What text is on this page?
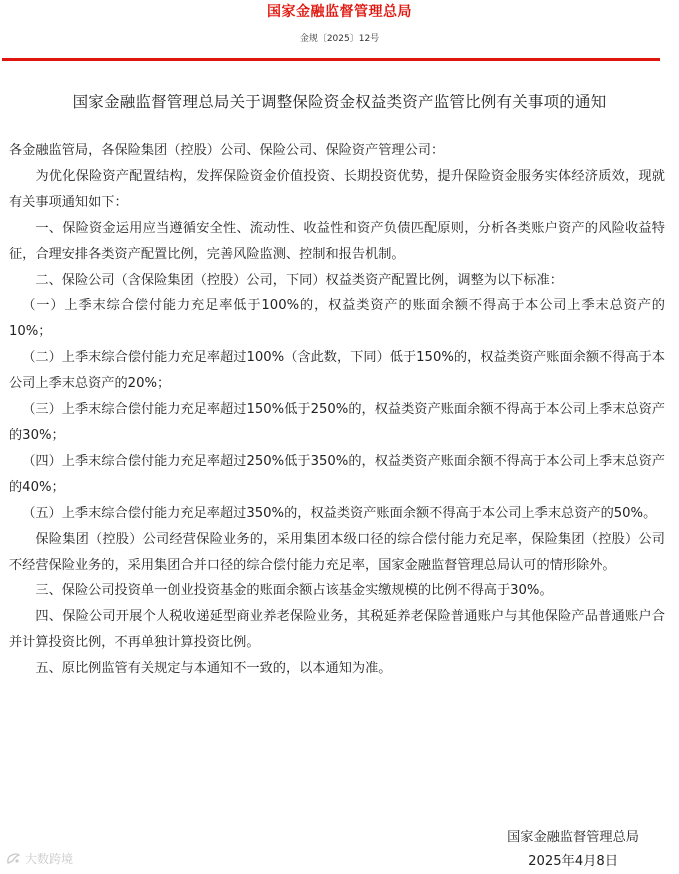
国家金融监督管理总局
金规〔2025〕12号
国家金融监督管理总局关于调整保险资金权益类资产监管比例有关事项的通知

各金融监管局，各保险集团（控股）公司、保险公司、保险资产管理公司：

为优化保险资产配置结构，发挥保险资金价值投资、长期投资优势，提升保险资金服务实体经济质效，现就有关事项通知如下：

一、保险资金运用应当遵循安全性、流动性、收益性和资产负债匹配原则，分析各类账户资产的风险收益特征，合理安排各类资产配置比例，完善风险监测、控制和报告机制。

二、保险公司（含保险集团（控股）公司，下同）权益类资产配置比例，调整为以下标准：

（一）上季末综合偿付能力充足率低于100%的，权益类资产的账面余额不得高于本公司上季末总资产的10%；

（二）上季末综合偿付能力充足率超过100%（含此数，下同）低于150%的，权益类资产账面余额不得高于本公司上季末总资产的20%；

（三）上季末综合偿付能力充足率超过150%低于250%的，权益类资产账面余额不得高于本公司上季末总资产的30%；

（四）上季末综合偿付能力充足率超过250%低于350%的，权益类资产账面余额不得高于本公司上季末总资产的40%；

（五）上季末综合偿付能力充足率超过350%的，权益类资产账面余额不得高于本公司上季末总资产的50%。

保险集团（控股）公司经营保险业务的，采用集团本级口径的综合偿付能力充足率，保险集团（控股）公司不经营保险业务的，采用集团合并口径的综合偿付能力充足率，国家金融监督管理总局认可的情形除外。

三、保险公司投资单一创业投资基金的账面余额占该基金实缴规模的比例不得高于30%。

四、保险公司开展个人税收递延型商业养老保险业务，其税延养老保险普通账户与其他保险产品普通账户合并计算投资比例，不再单独计算投资比例。

五、原比例监管有关规定与本通知不一致的，以本通知为准。

国家金融监督管理总局
2025年4月8日
大数跨境
